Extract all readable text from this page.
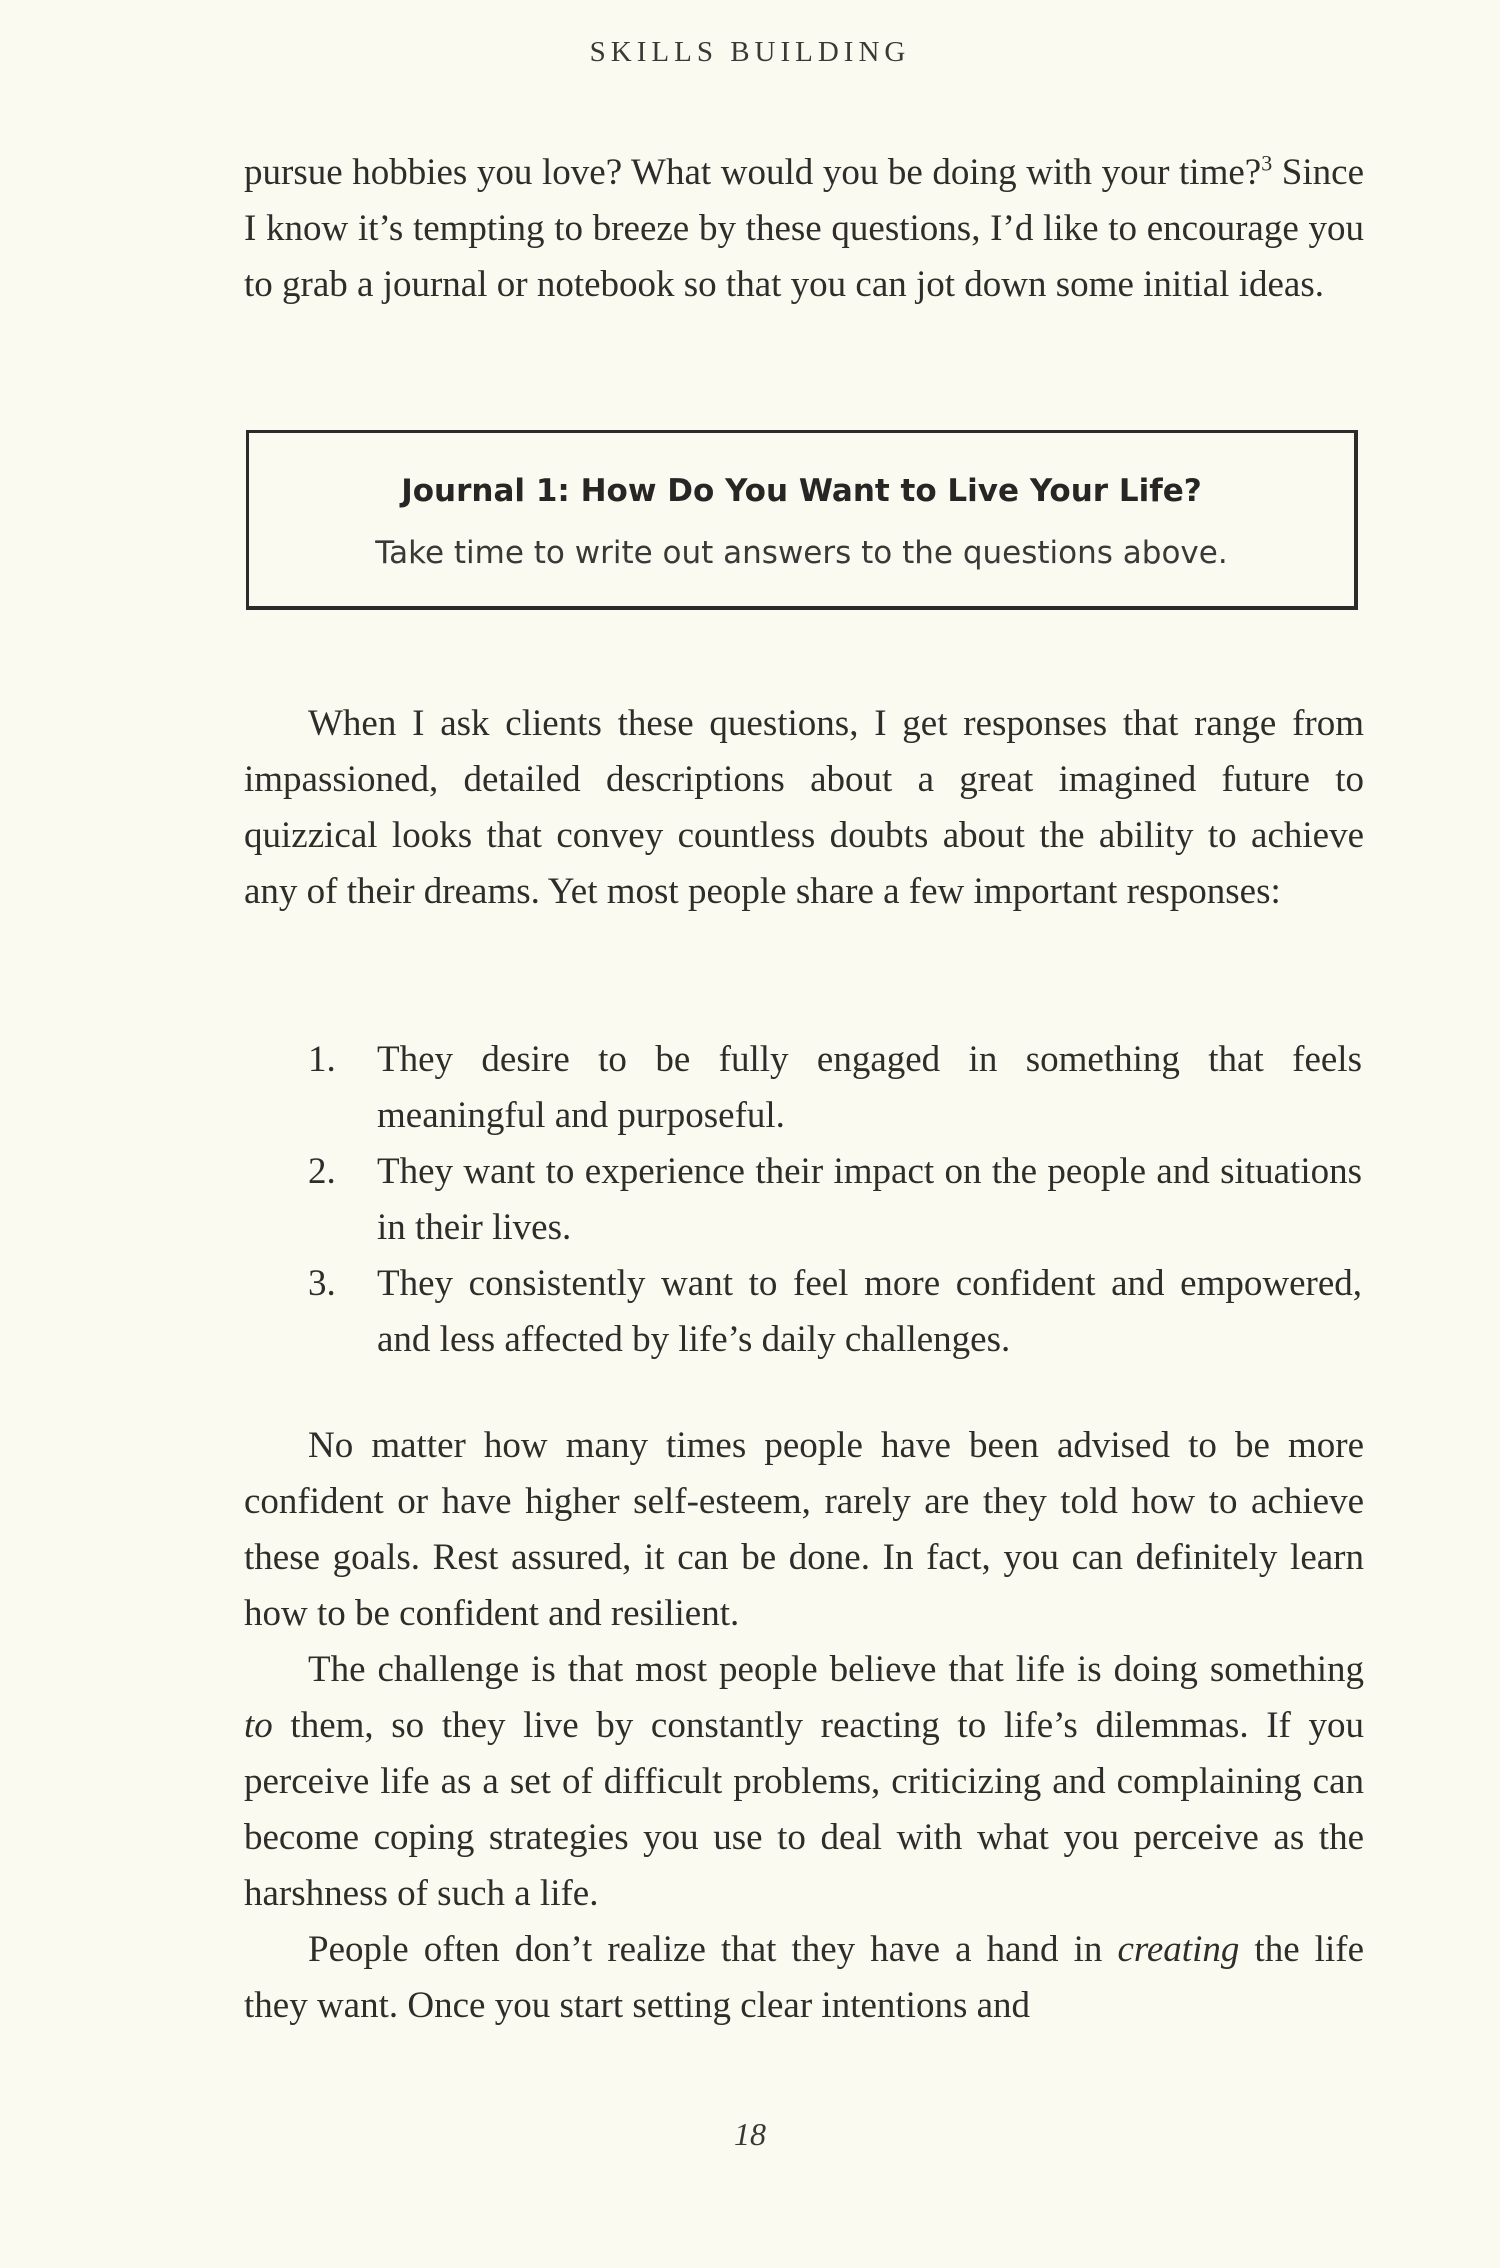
SKILLS BUILDING

pursue hobbies you love? What would you be doing with your time?$^3$ Since I know it’s tempting to breeze by these questions, I’d like to encourage you to grab a journal or notebook so that you can jot down some initial ideas.

Journal 1: How Do You Want to Live Your Life?
Take time to write out answers to the questions above.

When I ask clients these questions, I get responses that range from impassioned, detailed descriptions about a great imagined future to quizzical looks that convey countless doubts about the ability to achieve any of their dreams. Yet most people share a few important responses:

1. They desire to be fully engaged in something that feels meaningful and purposeful.
2. They want to experience their impact on the people and situations in their lives.
3. They consistently want to feel more confident and empowered, and less affected by life’s daily challenges.

No matter how many times people have been advised to be more confident or have higher self-esteem, rarely are they told how to achieve these goals. Rest assured, it can be done. In fact, you can definitely learn how to be confident and resilient.

The challenge is that most people believe that life is doing something to them, so they live by constantly reacting to life’s dilemmas. If you perceive life as a set of difficult problems, criticizing and complaining can become coping strategies you use to deal with what you perceive as the harshness of such a life.

People often don’t realize that they have a hand in creating the life they want. Once you start setting clear intentions and

18
